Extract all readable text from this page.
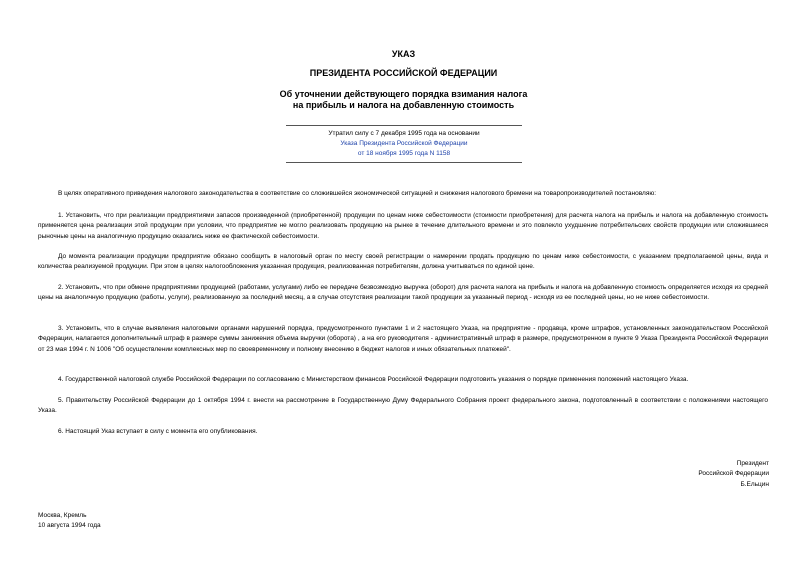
УКАЗ
ПРЕЗИДЕНТА РОССИЙСКОЙ ФЕДЕРАЦИИ
Об уточнении действующего порядка взимания налога
на прибыль и налога на добавленную стоимость
Утратил силу с 7 декабря 1995 года на основании
Указа Президента Российской Федерации
от 18 ноября 1995 года N 1158
В целях оперативного приведения налогового законодательства в соответствие со сложившейся экономической ситуацией и снижения налогового бремени на товаропроизводителей постановляю:
1. Установить, что при реализации предприятиями запасов произведенной (приобретенной) продукции по ценам ниже себестоимости (стоимости приобретения) для расчета налога на прибыль и налога на добавленную стоимость применяется цена реализации этой продукции при условии, что предприятие не могло реализовать продукцию на рынке в течение длительного времени и это повлекло ухудшение потребительских свойств продукции или сложившиеся рыночные цены на аналогичную продукцию оказались ниже ее фактической себестоимости.
До момента реализации продукции предприятие обязано сообщить в налоговый орган по месту своей регистрации о намерении продать продукцию по ценам ниже себестоимости, с указанием предполагаемой цены, вида и количества реализуемой продукции. При этом в целях налогообложения указанная продукция, реализованная потребителям, должна учитываться по единой цене.
2. Установить, что при обмене предприятиями продукцией (работами, услугами) либо ее передаче безвозмездно выручка (оборот) для расчета налога на прибыль и налога на добавленную стоимость определяется исходя из средней цены на аналогичную продукцию (работы, услуги), реализованную за последний месяц, а в случае отсутствия реализации такой продукции за указанный период - исходя из ее последней цены, но не ниже себестоимости.
3. Установить, что в случае выявления налоговыми органами нарушений порядка, предусмотренного пунктами 1 и 2 настоящего Указа, на предприятие - продавца, кроме штрафов, установленных законодательством Российской Федерации, налагается дополнительный штраф в размере суммы занижения объема выручки (оборота) , а на его руководителя - административный штраф в размере, предусмотренном в пункте 9 Указа Президента Российской Федерации от 23 мая 1994 г. N 1006 "Об осуществлении комплексных мер по своевременному и полному внесению в бюджет налогов и иных обязательных платежей".
4. Государственной налоговой службе Российской Федерации по согласованию с Министерством финансов Российской Федерации подготовить указания о порядке применения положений настоящего Указа.
5. Правительству Российской Федерации до 1 октября 1994 г. внести на рассмотрение в Государственную Думу Федерального Собрания проект федерального закона, подготовленный в соответствии с положениями настоящего Указа.
6. Настоящий Указ вступает в силу с момента его опубликования.
Президент
Российской Федерации
Б.Ельцин
Москва, Кремль
10 августа 1994 года
